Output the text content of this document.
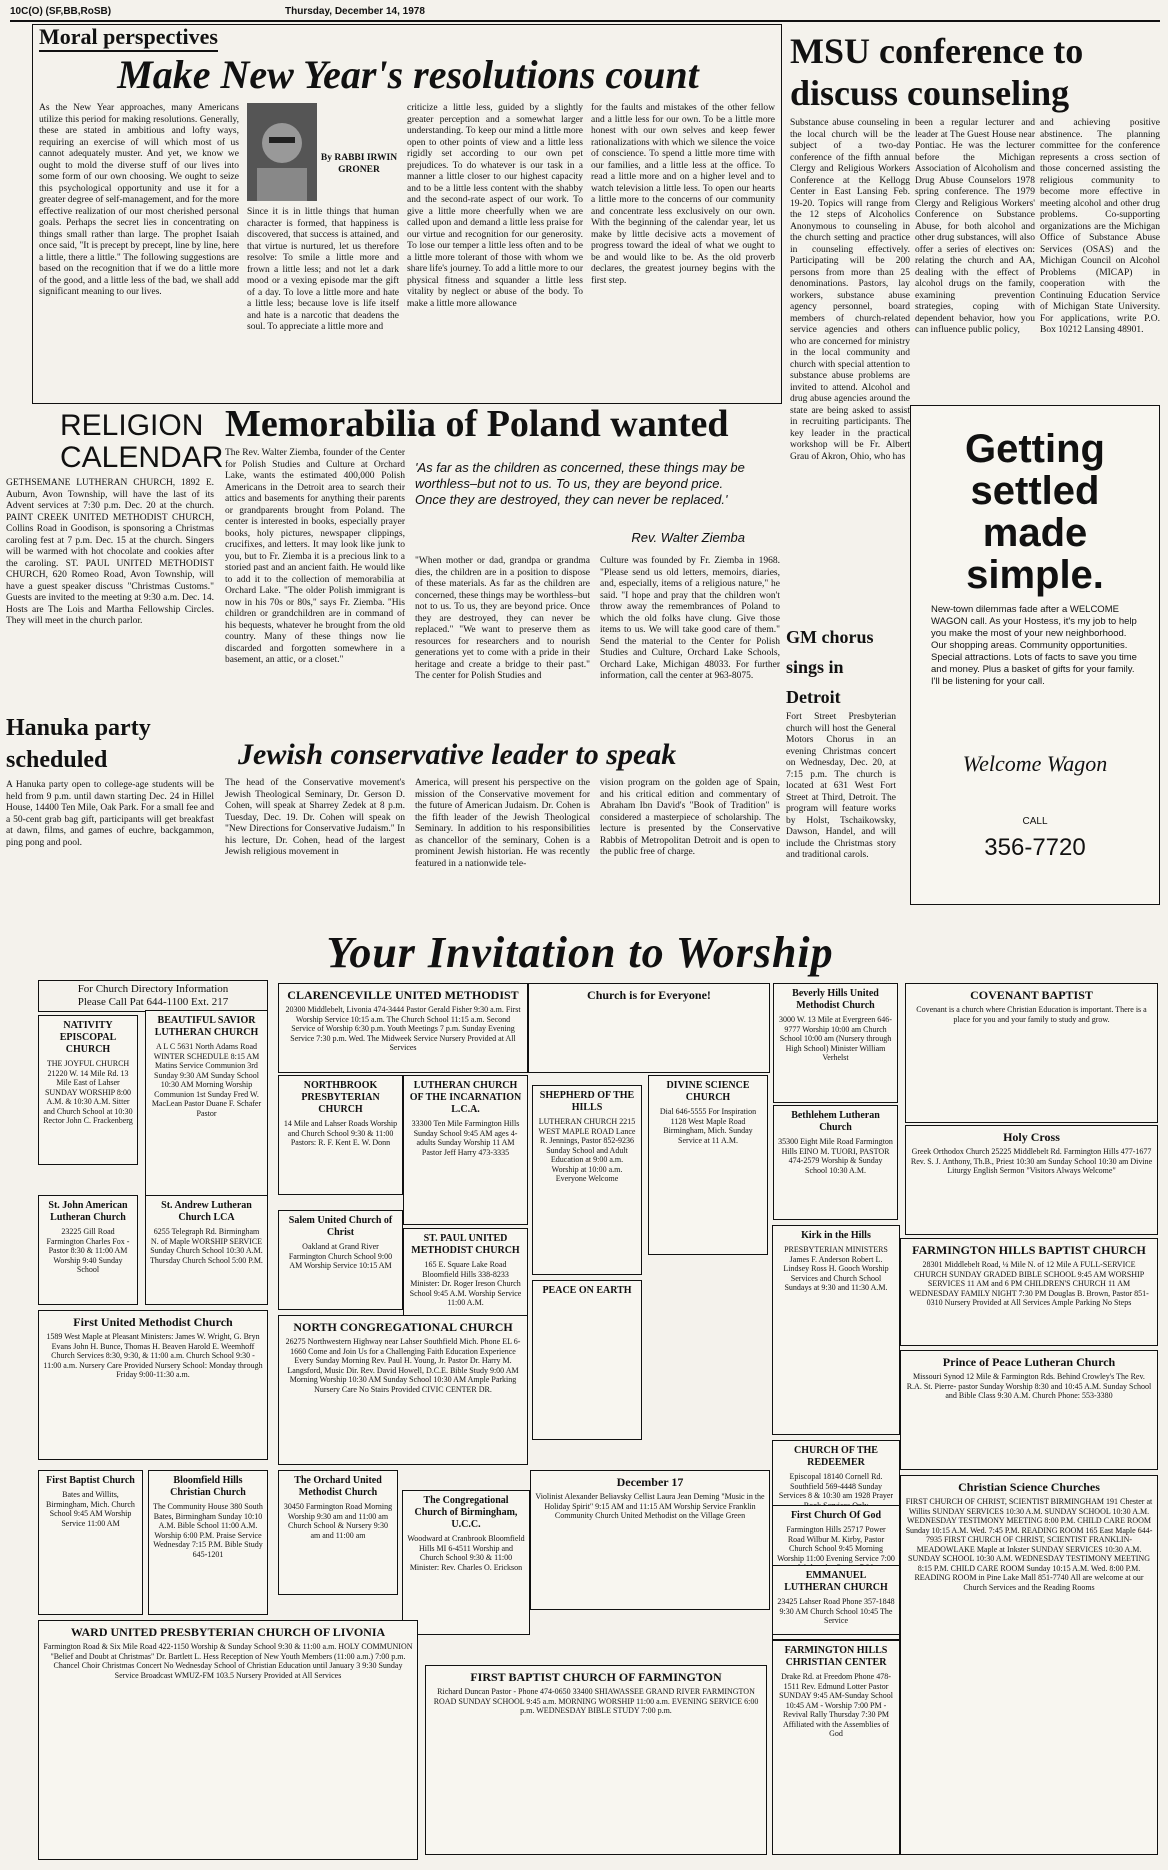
10C(O) (SF,BB,RoSB)	Thursday, December 14, 1978
Moral perspectives
Make New Year's resolutions count
As the New Year approaches, many Americans utilize this period for making resolutions. Generally, these are stated in ambitious and lofty ways, requiring an exercise of will which most of us cannot adequately muster. And yet, we know we ought to mold the diverse stuff of our lives into some form of our own choosing. We ought to seize this psychological opportunity and use it for a greater degree of self-management, and for the more effective realization of our most cherished personal goals. Perhaps the secret lies in concentrating on things small rather than large. The prophet Isaiah once said, "It is precept by precept, line by line, here a little, there a little." The following suggestions are based on the recognition that if we do a little more of the good, and a little less of the bad, we shall add significant meaning to our lives.
By RABBI IRWIN GRONER
Since it is in little things that human character is formed, that happiness is discovered, that success is attained, and that virtue is nurtured, let us therefore resolve: To smile a little more and frown a little less; and not let a dark mood or a vexing episode mar the gift of a day. To love a little more and hate a little less; because love is life itself and hate is a narcotic that deadens the soul. To appreciate a little more and
criticize a little less, guided by a slightly greater perception and a somewhat larger understanding. To keep our mind a little more open to other points of view and a little less rigidly set according to our own pet prejudices. To do whatever is our task in a manner a little closer to our highest capacity and to be a little less content with the shabby and the second-rate aspect of our work. To give a little more cheerfully when we are called upon and demand a little less praise for our virtue and recognition for our generosity. To lose our temper a little less often and to be a little more tolerant of those with whom we share life's journey. To add a little more to our physical fitness and squander a little less vitality by neglect or abuse of the body. To make a little more allowance
for the faults and mistakes of the other fellow and a little less for our own. To be a little more honest with our own selves and keep fewer rationalizations with which we silence the voice of conscience. To spend a little more time with our families, and a little less at the office. To read a little more and on a higher level and to watch television a little less. To open our hearts a little more to the concerns of our community and concentrate less exclusively on our own. With the beginning of the calendar year, let us make by little decisive acts a movement of progress toward the ideal of what we ought to be and would like to be. As the old proverb declares, the greatest journey begins with the first step.
MSU conference to discuss counseling
Substance abuse counseling in the local church will be the subject of a two-day conference of the fifth annual Clergy and Religious Workers Conference at the Kellogg Center in East Lansing Feb. 19-20. Topics will range from the 12 steps of Alcoholics Anonymous to counseling in the church setting and practice in counseling effectively. Participating will be 200 persons from more than 25 denominations. Pastors, lay workers, substance abuse agency personnel, board members of church-related service agencies and others who are concerned for ministry in the local community and church with special attention to substance abuse problems are invited to attend. Alcohol and drug abuse agencies around the state are being asked to assist in recruiting participants. The key leader in the practical workshop will be Fr. Albert Grau of Akron, Ohio, who has
been a regular lecturer and leader at The Guest House near Pontiac. He was the lecturer before the Michigan Association of Alcoholism and Drug Abuse Counselors 1978 spring conference. The 1979 Clergy and Religious Workers' Conference on Substance Abuse, for both alcohol and other drug substances, will also offer a series of electives on: relating the church and AA, dealing with the effect of alcohol drugs on the family, examining prevention strategies, coping with dependent behavior, how you can influence public policy,
and achieving positive abstinence. The planning committee for the conference represents a cross section of those concerned assisting the religious community to become more effective in meeting alcohol and other drug problems. Co-supporting organizations are the Michigan Office of Substance Abuse Services (OSAS) and the Michigan Council on Alcohol Problems (MICAP) in cooperation with the Continuing Education Service of Michigan State University. For applications, write P.O. Box 10212 Lansing 48901.
RELIGION
CALENDAR
GETHSEMANE LUTHERAN CHURCH, 1892 E. Auburn, Avon Township, will have the last of its Advent services at 7:30 p.m. Dec. 20 at the church. PAINT CREEK UNITED METHODIST CHURCH, Collins Road in Goodison, is sponsoring a Christmas caroling fest at 7 p.m. Dec. 15 at the church. Singers will be warmed with hot chocolate and cookies after the caroling. ST. PAUL UNITED METHODIST CHURCH, 620 Romeo Road, Avon Township, will have a guest speaker discuss "Christmas Customs." Guests are invited to the meeting at 9:30 a.m. Dec. 14. Hosts are The Lois and Martha Fellowship Circles. They will meet in the church parlor.
Hanuka party scheduled
A Hanuka party open to college-age students will be held from 9 p.m. until dawn starting Dec. 24 in Hillel House, 14400 Ten Mile, Oak Park. For a small fee and a 50-cent grab bag gift, participants will get breakfast at dawn, films, and games of euchre, backgammon, ping pong and pool.
Memorabilia of Poland wanted
The Rev. Walter Ziemba, founder of the Center for Polish Studies and Culture at Orchard Lake, wants the estimated 400,000 Polish Americans in the Detroit area to search their attics and basements for anything their parents or grandparents brought from Poland. The center is interested in books, especially prayer books, holy pictures, newspaper clippings, crucifixes, and letters. It may look like junk to you, but to Fr. Ziemba it is a precious link to a storied past and an ancient faith. He would like to add it to the collection of memorabilia at Orchard Lake. "The older Polish immigrant is now in his 70s or 80s," says Fr. Ziemba. "His children or grandchildren are in command of his bequests, whatever he brought from the old country. Many of these things now lie discarded and forgotten somewhere in a basement, an attic, or a closet."
'As far as the children as concerned, these things may be worthless–but not to us. To us, they are beyond price. Once they are destroyed, they can never be replaced.'
Rev. Walter Ziemba
"When mother or dad, grandpa or grandma dies, the children are in a position to dispose of these materials. As far as the children are concerned, these things may be worthless–but not to us. To us, they are beyond price. Once they are destroyed, they can never be replaced." "We want to preserve them as resources for researchers and to nourish generations yet to come with a pride in their heritage and create a bridge to their past." The center for Polish Studies and
Culture was founded by Fr. Ziemba in 1968. "Please send us old letters, memoirs, diaries, and, especially, items of a religious nature," he said. "I hope and pray that the children won't throw away the remembrances of Poland to which the old folks have clung. Give those items to us. We will take good care of them." Send the material to the Center for Polish Studies and Culture, Orchard Lake Schools, Orchard Lake, Michigan 48033. For further information, call the center at 963-8075.
GM chorus sings in Detroit
Fort Street Presbyterian church will host the General Motors Chorus in an evening Christmas concert on Wednesday, Dec. 20, at 7:15 p.m. The church is located at 631 West Fort Street at Third, Detroit. The program will feature works by Holst, Tschaikowsky, Dawson, Handel, and will include the Christmas story and traditional carols.
Jewish conservative leader to speak
The head of the Conservative movement's Jewish Theological Seminary, Dr. Gerson D. Cohen, will speak at Sharrey Zedek at 8 p.m. Tuesday, Dec. 19. Dr. Cohen will speak on "New Directions for Conservative Judaism." In his lecture, Dr. Cohen, head of the largest Jewish religious movement in
America, will present his perspective on the mission of the Conservative movement for the future of American Judaism. Dr. Cohen is the fifth leader of the Jewish Theological Seminary. In addition to his responsibilities as chancellor of the seminary, Cohen is a prominent Jewish historian. He was recently featured in a nationwide tele-
vision program on the golden age of Spain, and his critical edition and commentary of Abraham Ibn David's "Book of Tradition" is considered a masterpiece of scholarship. The lecture is presented by the Conservative Rabbis of Metropolitan Detroit and is open to the public free of charge.
Getting
settled
made
simple.
New-town dilemmas fade after a WELCOME WAGON call. As your Hostess, it's my job to help you make the most of your new neighborhood. Our shopping areas. Community opportunities. Special attractions. Lots of facts to save you time and money. Plus a basket of gifts for your family. I'll be listening for your call.
Welcome Wagon
CALL
356-7720
Your Invitation to Worship
For Church Directory Information
Please Call Pat 644-1100 Ext. 217
NATIVITY EPISCOPAL CHURCH
THE JOYFUL CHURCH 21220 W. 14 Mile Rd. 13 Mile East of Lahser SUNDAY WORSHIP 8:00 A.M. & 10:30 A.M. Sitter and Church School at 10:30 Rector John C. Frackenberg
BEAUTIFUL SAVIOR LUTHERAN CHURCH
A L C 5631 North Adams Road WINTER SCHEDULE 8:15 AM Matins Service Communion 3rd Sunday 9:30 AM Sunday School 10:30 AM Morning Worship Communion 1st Sunday Fred W. MacLean Pastor Duane F. Schafer Pastor
CLARENCEVILLE UNITED METHODIST
20300 Middlebelt, Livonia 474-3444 Pastor Gerald Fisher 9:30 a.m. First Worship Service 10:15 a.m. The Church School 11:15 a.m. Second Service of Worship 6:30 p.m. Youth Meetings 7 p.m. Sunday Evening Service 7:30 p.m. Wed. The Midweek Service Nursery Provided at All Services
Church is for Everyone!	Beverly Hills United Methodist Church
3000 W. 13 Mile at Evergreen 646-9777 Worship 10:00 am Church School 10:00 am (Nursery through High School) Minister William Verhelst
COVENANT BAPTIST
Covenant is a church where Christian Education is important. There is a place for you and your family to study and grow.
NORTHBROOK PRESBYTERIAN CHURCH
14 Mile and Lahser Roads Worship and Church School 9:30 & 11:00 Pastors: R. F. Kent E. W. Donn
LUTHERAN CHURCH OF THE INCARNATION L.C.A.
33300 Ten Mile Farmington Hills Sunday School 9:45 AM ages 4-adults Sunday Worship 11 AM Pastor Jeff Harry 473-3335
SHEPHERD OF THE HILLS
LUTHERAN CHURCH 2215 WEST MAPLE ROAD Lance R. Jennings, Pastor 852-9236 Sunday School and Adult Education at 9:00 a.m. Worship at 10:00 a.m. Everyone Welcome
DIVINE SCIENCE CHURCH
Dial 646-5555 For Inspiration 1128 West Maple Road Birmingham, Mich. Sunday Service at 11 A.M.
Bethlehem Lutheran Church
35300 Eight Mile Road Farmington Hills EINO M. TUORI, PASTOR 474-2579 Worship & Sunday School 10:30 A.M.
Holy Cross
Greek Orthodox Church 25225 Middlebelt Rd. Farmington Hills 477-1677 Rev. S. J. Anthony, Th.B., Priest 10:30 am Sunday School 10:30 am Divine Liturgy English Sermon "Visitors Always Welcome"
St. John American Lutheran Church
23225 Gill Road Farmington Charles Fox - Pastor 8:30 & 11:00 AM Worship 9:40 Sunday School
St. Andrew Lutheran Church LCA
6255 Telegraph Rd. Birmingham N. of Maple WORSHIP SERVICE Sunday Church School 10:30 A.M. Thursday Church School 5:00 P.M.
Salem United Church of Christ
Oakland at Grand River Farmington Church School 9:00 AM Worship Service 10:15 AM
ST. PAUL UNITED METHODIST CHURCH
165 E. Square Lake Road Bloomfield Hills 338-8233 Minister: Dr. Roger Ireson Church School 9:45 A.M. Worship Service 11:00 A.M.
PEACE ON EARTH
Kirk in the Hills
PRESBYTERIAN MINISTERS James F. Anderson Robert L. Lindsey Ross H. Gooch Worship Services and Church School Sundays at 9:30 and 11:30 A.M.
FARMINGTON HILLS BAPTIST CHURCH
28301 Middlebelt Road, ¼ Mile N. of 12 Mile A FULL-SERVICE CHURCH SUNDAY GRADED BIBLE SCHOOL 9:45 AM WORSHIP SERVICES 11 AM and 6 PM CHILDREN'S CHURCH 11 AM WEDNESDAY FAMILY NIGHT 7:30 PM Douglas B. Brown, Pastor 851-0310 Nursery Provided at All Services Ample Parking No Steps
First United Methodist Church
1589 West Maple at Pleasant Ministers: James W. Wright, G. Bryn Evans John H. Bunce, Thomas H. Beaven Harold E. Weemhoff Church Services 8:30, 9:30, & 11:00 a.m. Church School 9:30 - 11:00 a.m. Nursery Care Provided Nursery School: Monday through Friday 9:00-11:30 a.m.
NORTH CONGREGATIONAL CHURCH
26275 Northwestern Highway near Lahser Southfield Mich. Phone EL 6-1660 Come and Join Us for a Challenging Faith Education Experience Every Sunday Morning Rev. Paul H. Young, Jr. Pastor Dr. Harry M. Langsford, Music Dir. Rev. David Howell, D.C.E. Bible Study 9:00 AM Morning Worship 10:30 AM Sunday School 10:30 AM Ample Parking Nursery Care No Stairs Provided CIVIC CENTER DR.
CHURCH OF THE REDEEMER
Episcopal 18140 Cornell Rd. Southfield 569-4448 Sunday Services 8 & 10:30 am 1928 Prayer
Prince of Peace Lutheran Church
Missouri Synod 12 Mile & Farmington Rds. Behind Crowley's The Rev. R.A. St. Pierre- pastor Sunday Worship 8:30 and 10:45 A.M. Sunday School and Bible Class 9:30 A.M. Church Phone: 553-3380
First Baptist Church
Bates and Willits, Birmingham, Mich. Church School 9:45 AM Worship Service 11:00 AM
Bloomfield Hills Christian Church
The Community House 380 South Bates, Birmingham Sunday 10:10 A.M. Bible School 11:00 A.M. Worship 6:00 P.M. Praise Service Wednesday 7:15 P.M. Bible Study 645-1201
The Orchard United Methodist Church
30450 Farmington Road Morning Worship 9:30 am and 11:00 am Church School & Nursery 9:30 am and 11:00 am
The Congregational Church of Birmingham, U.C.C.
Woodward at Cranbrook Bloomfield Hills MI 6-4511 Worship and Church School 9:30 & 11:00 Minister: Rev. Charles O. Erickson
December 17
Violinist Alexander Beliavsky Cellist Laura Jean Deming "Music in the Holiday Spirit" 9:15 AM and 11:15 AM Worship Service Franklin Community Church United Methodist on the Village Green	First Church Of God
Farmington Hills 25717 Power Road Wilbur M. Kirby, Pastor Church School 9:45 Morning Worship 11:00 Evening Service 7:00
EMMANUEL LUTHERAN CHURCH
23425 Lahser Road Phone 357-1848 9:30 AM Church School 10:45 The Service
Christian Science Churches
FIRST CHURCH OF CHRIST, SCIENTIST BIRMINGHAM 191 Chester at Willits SUNDAY SERVICES 10:30 A.M. SUNDAY SCHOOL 10:30 A.M. WEDNESDAY TESTIMONY MEETING 8:00 P.M. CHILD CARE ROOM Sunday 10:15 A.M. Wed. 7:45 P.M. READING ROOM 165 East Maple 644-7935 FIRST CHURCH OF CHRIST, SCIENTIST FRANKLIN-MEADOWLAKE Maple at Inkster SUNDAY SERVICES 10:30 A.M. SUNDAY SCHOOL 10:30 A.M. WEDNESDAY TESTIMONY MEETING 8:15 P.M. CHILD CARE ROOM Sunday 10:15 A.M. Wed. 8:00 P.M. READING ROOM in Pine Lake Mall 851-7740 All are welcome at our Church Services and the Reading Rooms
WARD UNITED PRESBYTERIAN CHURCH OF LIVONIA
Farmington Road & Six Mile Road 422-1150 Worship & Sunday School 9:30 & 11:00 a.m. HOLY COMMUNION "Belief and Doubt at Christmas" Dr. Bartlett L. Hess Reception of New Youth Members (11:00 a.m.) 7:00 p.m. Chancel Choir Christmas Concert No Wednesday School of Christian Education until January 3 9:30 Sunday Service Broadcast WMUZ-FM 103.5 Nursery Provided at All Services	FIRST BAPTIST CHURCH OF FARMINGTON
Richard Duncan Pastor - Phone 474-0650 33400 SHIAWASSEE GRAND RIVER FARMINGTON ROAD SUNDAY SCHOOL 9:45 a.m. MORNING WORSHIP 11:00 a.m. EVENING SERVICE 6:00 p.m. WEDNESDAY BIBLE STUDY 7:00 p.m.
FARMINGTON HILLS CHRISTIAN CENTER
Drake Rd. at Freedom Phone 478-1511 Rev. Edmund Lotter Pastor SUNDAY 9:45 AM-Sunday School 10:45 AM - Worship 7:00 PM - Revival Rally Thursday 7:30 PM Affiliated with the Assemblies of God
